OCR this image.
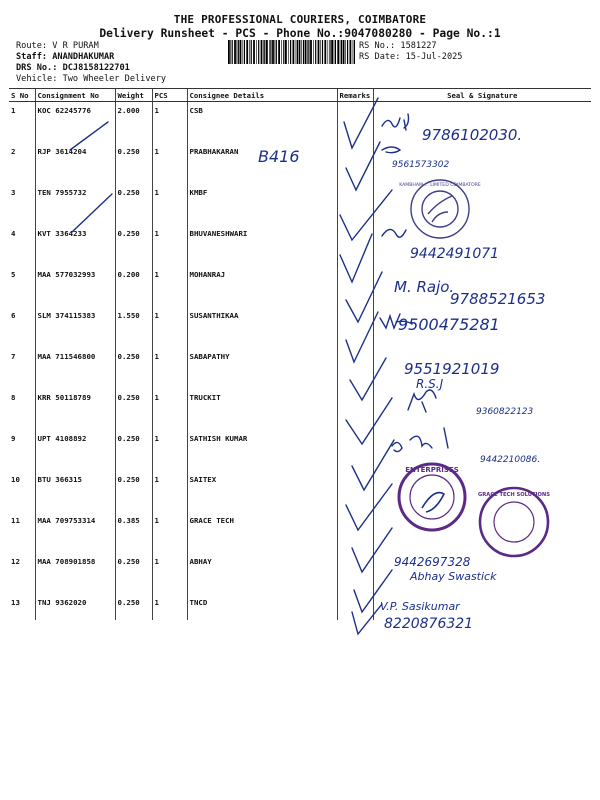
THE PROFESSIONAL COURIERS, COIMBATORE
Delivery Runsheet - PCS - Phone No.:9047080280 - Page No.:1
Route: V R PURAM
Staff: ANANDHAKUMAR
DRS No.: DCJ8158122701
Vehicle: Two Wheeler Delivery
RS No.: 1581227
RS Date: 15-Jul-2025
S No	Consignment No	Weight	PCS	Consignee Details	Remarks	Seal & Signature
1	KOC 62245776	2.000	1	CSB		
2	RJP 3614204	0.250	1	PRABHAKARAN		
3	TEN 7955732	0.250	1	KMBF		
4	KVT 3364233	0.250	1	BHUVANESHWARI		
5	MAA 577032993	0.200	1	MOHANRAJ		
6	SLM 374115383	1.550	1	SUSANTHIKAA		
7	MAA 711546800	0.250	1	SABAPATHY		
8	KRR 50118789	0.250	1	TRUCKIT		
9	UPT 4108892	0.250	1	SATHISH KUMAR		
10	BTU 366315	0.250	1	SAITEX		
11	MAA 709753314	0.385	1	GRACE TECH		
12	MAA 708901858	0.250	1	ABHAY		
13	TNJ 9362020	0.250	1	TNCD		
KAMBHAM ... LIMITED COIMBATORE
ENTERPRISES
GRACE TECH SOLUTIONS
9786102030.
B416	9561573302
9442491071
M. Rajo.
9788521653
9500475281
9551921019
R.S.J
9360822123
9442210086.
9442697328
Abhay Swastick
V.P. Sasikumar
8220876321
